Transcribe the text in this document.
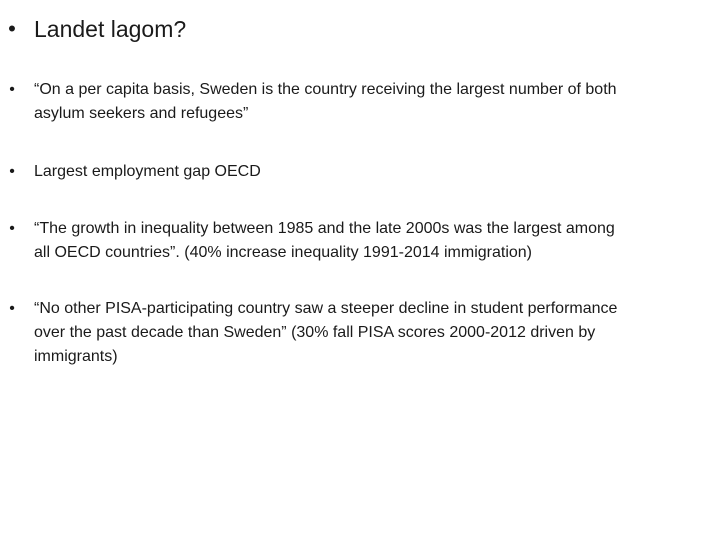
• Landet lagom?
• “On a per capita basis, Sweden is the country receiving the largest number of both
asylum seekers and refugees”
• Largest employment gap OECD
• “The growth in inequality between 1985 and the late 2000s was the largest among
all OECD countries”. (40% increase inequality 1991-2014 immigration)
• “No other PISA-participating country saw a steeper decline in student performance
over the past decade than Sweden” (30% fall PISA scores 2000-2012 driven by
immigrants)
